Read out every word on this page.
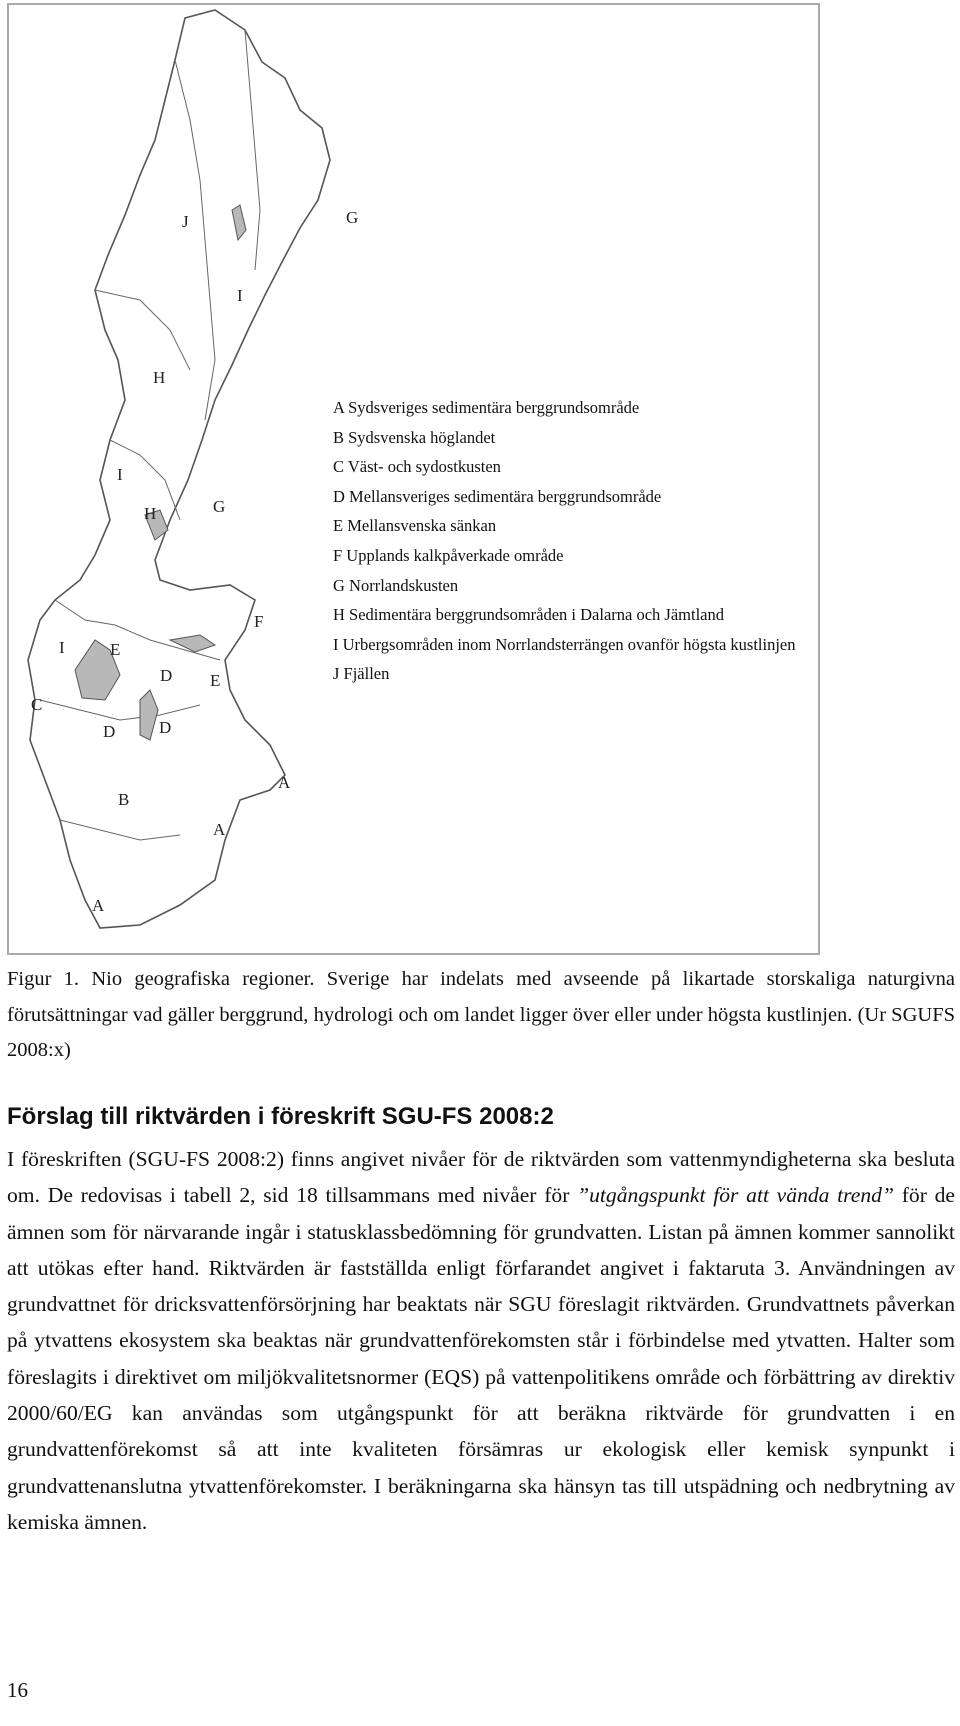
J	G
I
H
I
H	G
F
I	E
D E
C
D	D
B
A
A
A
A Sydsveriges sedimentära berggrundsområde
B Sydsvenska höglandet
C Väst- och sydostkusten
D Mellansveriges sedimentära berggrundsområde
E Mellansvenska sänkan
F Upplands kalkpåverkade område
G Norrlandskusten
H Sedimentära berggrundsområden i Dalarna och Jämtland
I Urbergsområden inom Norrlandsterrängen ovanför högsta kustlinjen
J Fjällen
Figur 1. Nio geografiska regioner. Sverige har indelats med avseende på likartade storskaliga naturgivna förutsättningar vad gäller berggrund, hydrologi och om landet ligger över eller under högsta kustlinjen. (Ur SGUFS 2008:x)
Förslag till riktvärden i föreskrift SGU-FS 2008:2
I föreskriften (SGU-FS 2008:2) finns angivet nivåer för de riktvärden som vattenmyndigheterna ska besluta om. De redovisas i tabell 2, sid 18 tillsammans med nivåer för ”utgångspunkt för att vända trend” för de ämnen som för närvarande ingår i statusklassbedömning för grundvatten. Listan på ämnen kommer sannolikt att utökas efter hand. Riktvärden är fastställda enligt förfarandet angivet i faktaruta 3. Användningen av grundvattnet för dricksvattenförsörjning har beaktats när SGU föreslagit riktvärden. Grundvattnets påverkan på ytvattens ekosystem ska beaktas när grundvattenförekomsten står i förbindelse med ytvatten. Halter som föreslagits i direktivet om miljökvalitetsnormer (EQS) på vattenpolitikens område och förbättring av direktiv 2000/60/EG kan användas som utgångspunkt för att beräkna riktvärde för grundvatten i en grundvattenförekomst så att inte kvaliteten försämras ur ekologisk eller kemisk synpunkt i grundvattenanslutna ytvattenförekomster. I beräkningarna ska hänsyn tas till utspädning och nedbrytning av kemiska ämnen.
16
